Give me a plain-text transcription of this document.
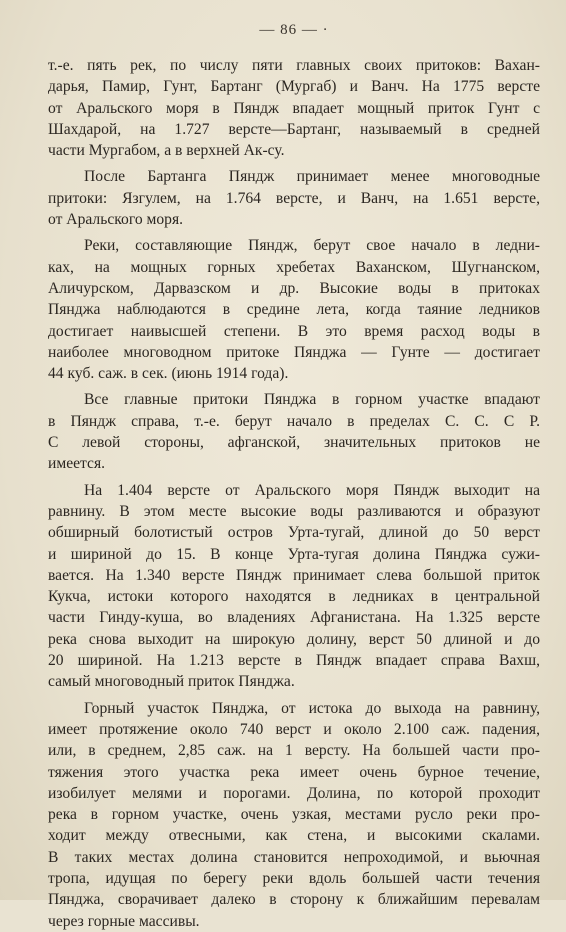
— 86 — ·
т.-е. пять рек, по числу пяти главных своих притоков: Вахан-
дарья, Памир, Гунт, Бартанг (Мургаб) и Ванч. На 1775 версте
от Аральского моря в Пяндж впадает мощный приток Гунт с
Шахдарой, на 1.727 версте—Бартанг, называемый в средней
части Мургабом, а в верхней Ак-су.
После Бартанга Пяндж принимает менее многоводные
притоки: Язгулем, на 1.764 версте, и Ванч, на 1.651 версте,
от Аральского моря.
Реки, составляющие Пяндж, берут свое начало в ледни-
ках, на мощных горных хребетах Ваханском, Шугнанском,
Аличурском, Дарвазском и др. Высокие воды в притоках
Пянджа наблюдаются в средине лета, когда таяние ледников
достигает наивысшей степени. В это время расход воды в
наиболее многоводном притоке Пянджа — Гунте — достигает
44 куб. саж. в сек. (июнь 1914 года).
Все главные притоки Пянджа в горном участке впадают
в Пяндж справа, т.-е. берут начало в пределах С. С. С Р.
С левой стороны, афганской, значительных притоков не
имеется.
На 1.404 версте от Аральского моря Пяндж выходит на
равнину. В этом месте высокие воды разливаются и образуют
обширный болотистый остров Урта-тугай, длиной до 50 верст
и шириной до 15. В конце Урта-тугая долина Пянджа сужи-
вается. На 1.340 версте Пяндж принимает слева большой приток
Кукча, истоки которого находятся в ледниках в центральной
части Гинду-куша, во владениях Афганистана. На 1.325 версте
река снова выходит на широкую долину, верст 50 длиной и до
20 шириной. На 1.213 версте в Пяндж впадает справа Вахш,
самый многоводный приток Пянджа.
Горный участок Пянджа, от истока до выхода на равнину,
имеет протяжение около 740 верст и около 2.100 саж. падения,
или, в среднем, 2,85 саж. на 1 версту. На большей части про-
тяжения этого участка река имеет очень бурное течение,
изобилует мелями и порогами. Долина, по которой проходит
река в горном участке, очень узкая, местами русло реки про-
ходит между отвесными, как стена, и высокими скалами.
В таких местах долина становится непроходимой, и вьючная
тропа, идущая по берегу реки вдоль большей части течения
Пянджа, сворачивает далеко в сторону к ближайшим перевалам
через горные массивы.
